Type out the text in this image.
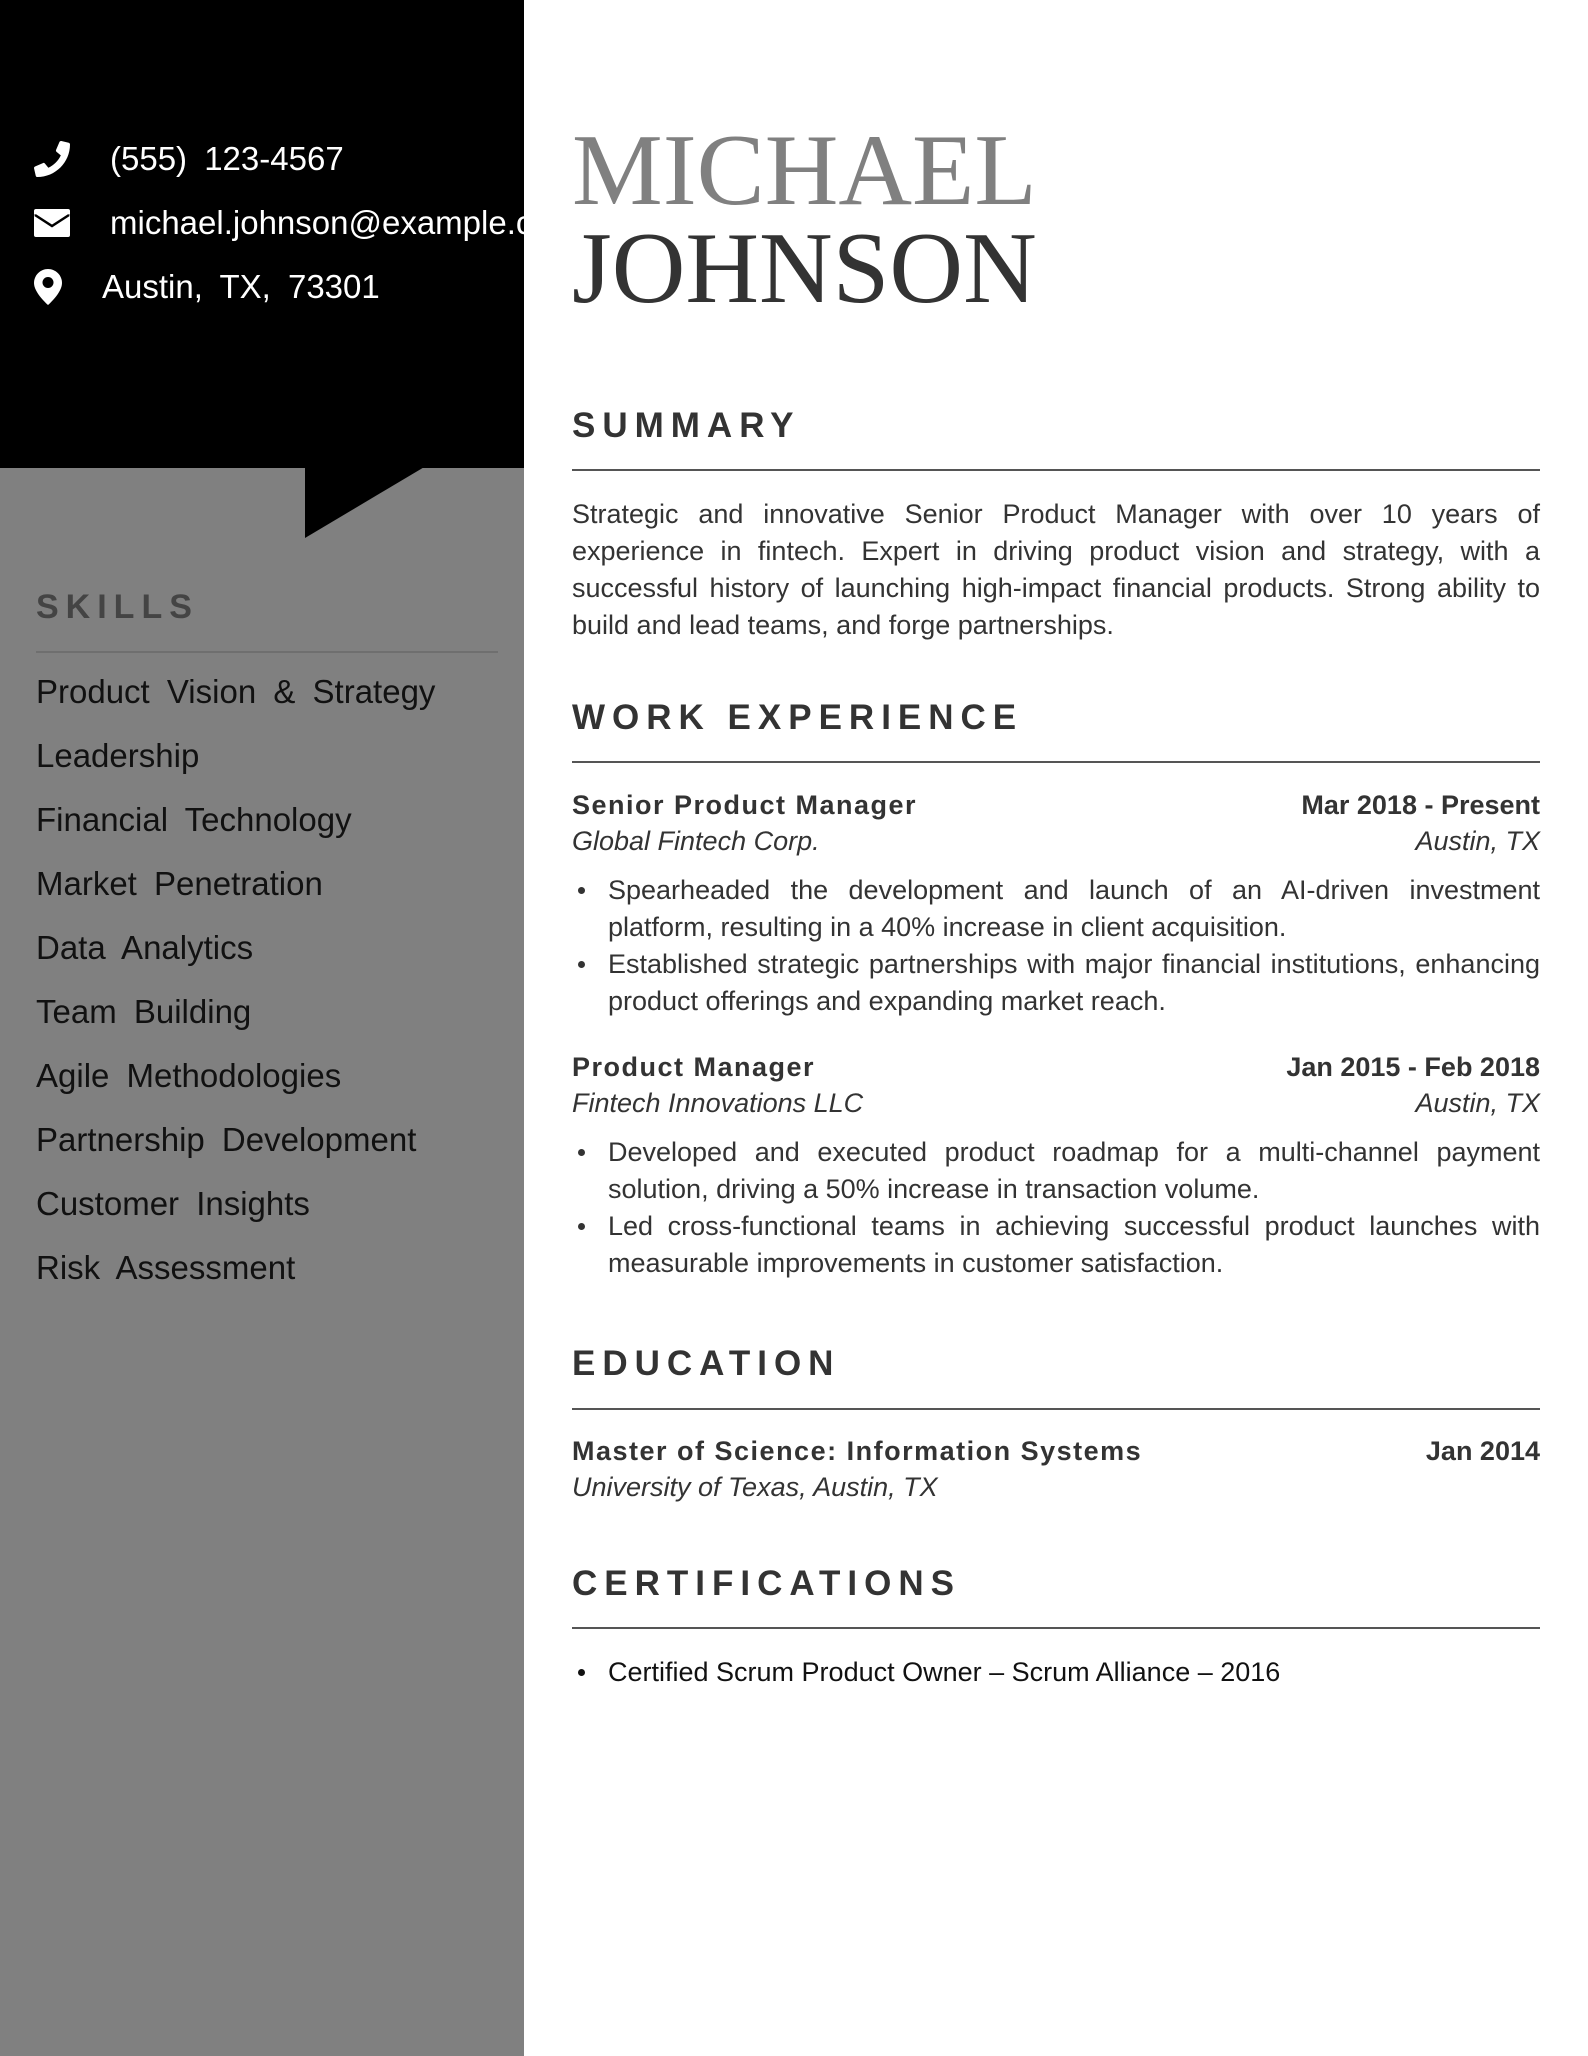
(555) 123-4567
michael.johnson@example.com
Austin, TX, 73301
SKILLS
Product Vision & Strategy
Leadership
Financial Technology
Market Penetration
Data Analytics
Team Building
Agile Methodologies
Partnership Development
Customer Insights
Risk Assessment
MICHAEL
JOHNSON
SUMMARY

Strategic and innovative Senior Product Manager with over 10 years of experience in fintech. Expert in driving product vision and strategy, with a successful history of launching high-impact financial products. Strong ability to build and lead teams, and forge partnerships.

WORK EXPERIENCE
Senior Product Manager	Mar 2018 - Present
Global Fintech Corp.	Austin, TX
Spearheaded the development and launch of an AI-driven investment platform, resulting in a 40% increase in client acquisition.
Established strategic partnerships with major financial institutions, enhancing product offerings and expanding market reach.
Product Manager	Jan 2015 - Feb 2018
Fintech Innovations LLC	Austin, TX
Developed and executed product roadmap for a multi-channel payment solution, driving a 50% increase in transaction volume.
Led cross-functional teams in achieving successful product launches with measurable improvements in customer satisfaction.
EDUCATION
Master of Science: Information Systems	Jan 2014
University of Texas, Austin, TX
CERTIFICATIONS
Certified Scrum Product Owner – Scrum Alliance – 2016
